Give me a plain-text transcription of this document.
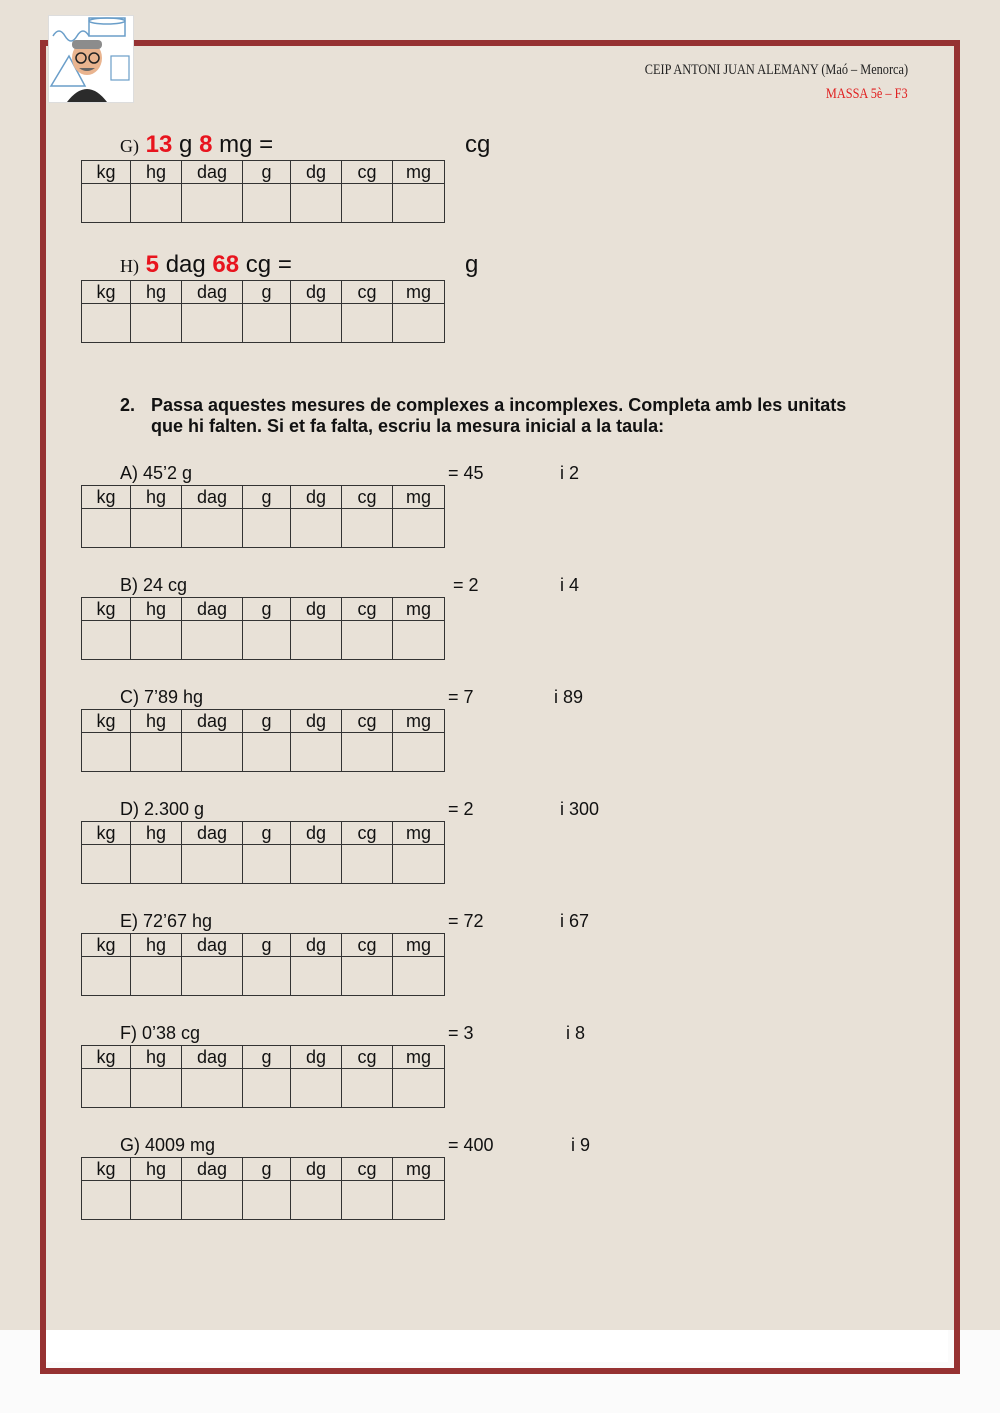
CEIP ANTONI JUAN ALEMANY (Maó – Menorca)
MASSA 5è – F3
G) 13 g 8 mg =	cg
kg	hg	dag	g	dg	cg	mg

H) 5 dag 68 cg =	g
kg	hg	dag	g	dg	cg	mg

2. Passa aquestes mesures de complexes a incomplexes. Completa amb les unitats que hi falten. Si et fa falta, escriu la mesura inicial a la taula:
A) 45’2 g	= 45	i 2
kg	hg	dag	g	dg	cg	mg

B) 24 cg	= 2	i 4
kg	hg	dag	g	dg	cg	mg

C) 7’89 hg	= 7	i 89
kg	hg	dag	g	dg	cg	mg

D) 2.300 g	= 2	i 300
kg	hg	dag	g	dg	cg	mg

E) 72’67 hg	= 72	i 67
kg	hg	dag	g	dg	cg	mg

F) 0’38 cg	= 3	i 8
kg	hg	dag	g	dg	cg	mg

G) 4009 mg	= 400	i 9
kg	hg	dag	g	dg	cg	mg
